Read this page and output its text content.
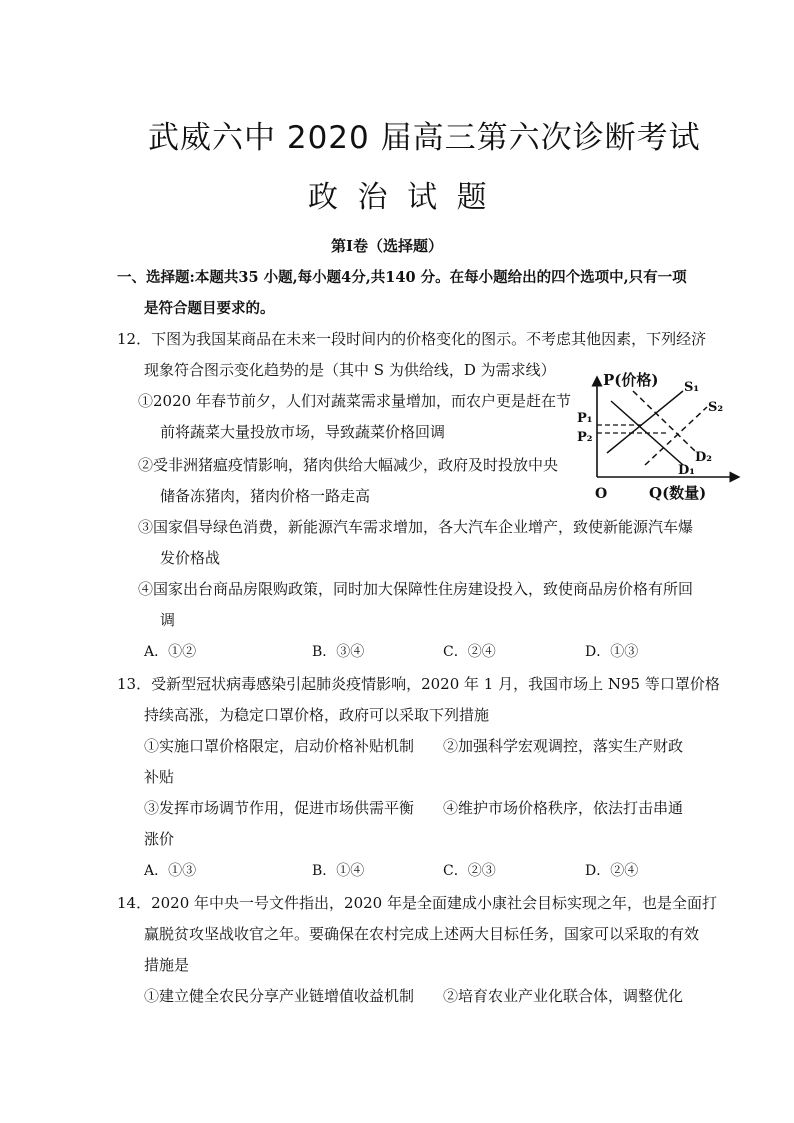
武威六中 2020 届高三第六次诊断考试
政 治 试 题
第Ⅰ卷（选择题）
一、选择题:本题共35 小题,每小题4分,共140 分。在每小题给出的四个选项中,只有一项
是符合题目要求的。
12．下图为我国某商品在未来一段时间内的价格变化的图示。不考虑其他因素，下列经济
现象符合图示变化趋势的是（其中 S 为供给线，D 为需求线）
①2020 年春节前夕，人们对蔬菜需求量增加，而农户更是赶在节
前将蔬菜大量投放市场，导致蔬菜价格回调
②受非洲猪瘟疫情影响，猪肉供给大幅减少，政府及时投放中央
储备冻猪肉，猪肉价格一路走高
③国家倡导绿色消费，新能源汽车需求增加，各大汽车企业增产，致使新能源汽车爆
发价格战
④国家出台商品房限购政策，同时加大保障性住房建设投入，致使商品房价格有所回
调
A．①②	B．③④	C．②④	D．①③
P(价格)
Q(数量)
O
P₁
P₂
S₁
S₂
D₁
D₂
13．受新型冠状病毒感染引起肺炎疫情影响，2020 年 1 月，我国市场上 N95 等口罩价格
持续高涨，为稳定口罩价格，政府可以采取下列措施
①实施口罩价格限定，启动价格补贴机制 ②加强科学宏观调控，落实生产财政
补贴
③发挥市场调节作用，促进市场供需平衡 ④维护市场价格秩序，依法打击串通
涨价
A．①③	B．①④	C．②③	D．②④
14．2020 年中央一号文件指出，2020 年是全面建成小康社会目标实现之年，也是全面打
赢脱贫攻坚战收官之年。要确保在农村完成上述两大目标任务，国家可以采取的有效
措施是
①建立健全农民分享产业链增值收益机制 ②培育农业产业化联合体，调整优化
